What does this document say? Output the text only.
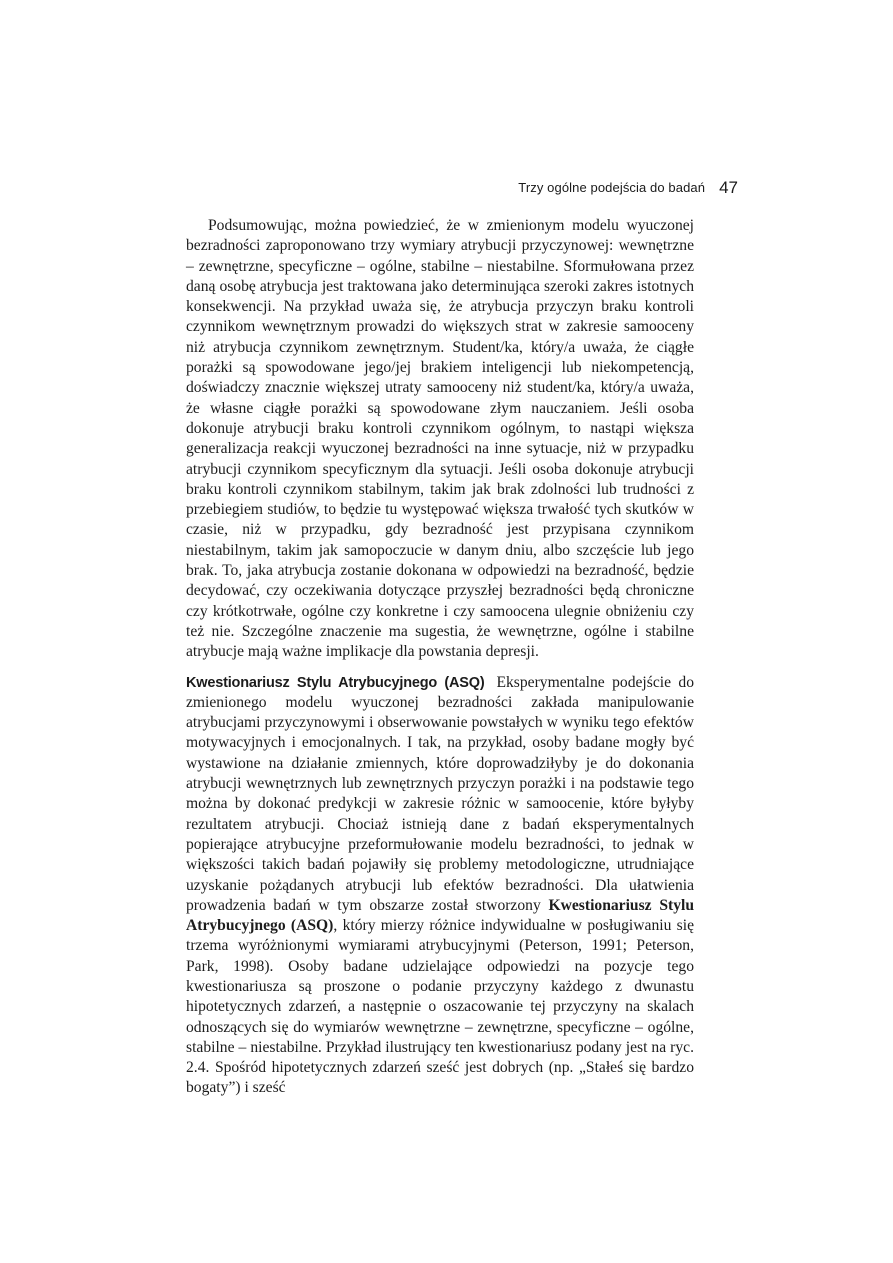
Trzy ogólne podejścia do badań 47

Podsumowując, można powiedzieć, że w zmienionym modelu wyuczonej bezradności zaproponowano trzy wymiary atrybucji przyczynowej: wewnętrzne – zewnętrzne, specyficzne – ogólne, stabilne – niestabilne. Sformułowana przez daną osobę atrybucja jest traktowana jako determinująca szeroki zakres istotnych konsekwencji. Na przykład uważa się, że atrybucja przyczyn braku kontroli czynnikom wewnętrznym prowadzi do większych strat w zakresie samooceny niż atrybucja czynnikom zewnętrznym. Student/ka, który/a uważa, że ciągłe porażki są spowodowane jego/jej brakiem inteligencji lub niekompetencją, doświadczy znacznie większej utraty samooceny niż student/ka, który/a uważa, że własne ciągłe porażki są spowodowane złym nauczaniem. Jeśli osoba dokonuje atrybucji braku kontroli czynnikom ogólnym, to nastąpi większa generalizacja reakcji wyuczonej bezradności na inne sytuacje, niż w przypadku atrybucji czynnikom specyficznym dla sytuacji. Jeśli osoba dokonuje atrybucji braku kontroli czynnikom stabilnym, takim jak brak zdolności lub trudności z przebiegiem studiów, to będzie tu występować większa trwałość tych skutków w czasie, niż w przypadku, gdy bezradność jest przypisana czynnikom niestabilnym, takim jak samopoczucie w danym dniu, albo szczęście lub jego brak. To, jaka atrybucja zostanie dokonana w odpowiedzi na bezradność, będzie decydować, czy oczekiwania dotyczące przyszłej bezradności będą chroniczne czy krótkotrwałe, ogólne czy konkretne i czy samoocena ulegnie obniżeniu czy też nie. Szczególne znaczenie ma sugestia, że wewnętrzne, ogólne i stabilne atrybucje mają ważne implikacje dla powstania depresji.

Kwestionariusz Stylu Atrybucyjnego (ASQ) Eksperymentalne podejście do zmienionego modelu wyuczonej bezradności zakłada manipulowanie atrybucjami przyczynowymi i obserwowanie powstałych w wyniku tego efektów motywacyjnych i emocjonalnych. I tak, na przykład, osoby badane mogły być wystawione na działanie zmiennych, które doprowadziłyby je do dokonania atrybucji wewnętrznych lub zewnętrznych przyczyn porażki i na podstawie tego można by dokonać predykcji w zakresie różnic w samoocenie, które byłyby rezultatem atrybucji. Chociaż istnieją dane z badań eksperymentalnych popierające atrybucyjne przeformułowanie modelu bezradności, to jednak w większości takich badań pojawiły się problemy metodologiczne, utrudniające uzyskanie pożądanych atrybucji lub efektów bezradności. Dla ułatwienia prowadzenia badań w tym obszarze został stworzony Kwestionariusz Stylu Atrybucyjnego (ASQ), który mierzy różnice indywidualne w posługiwaniu się trzema wyróżnionymi wymiarami atrybucyjnymi (Peterson, 1991; Peterson, Park, 1998). Osoby badane udzielające odpowiedzi na pozycje tego kwestionariusza są proszone o podanie przyczyny każdego z dwunastu hipotetycznych zdarzeń, a następnie o oszacowanie tej przyczyny na skalach odnoszących się do wymiarów wewnętrzne – zewnętrzne, specyficzne – ogólne, stabilne – niestabilne. Przykład ilustrujący ten kwestionariusz podany jest na ryc. 2.4. Spośród hipotetycznych zdarzeń sześć jest dobrych (np. „Stałeś się bardzo bogaty”) i sześć
